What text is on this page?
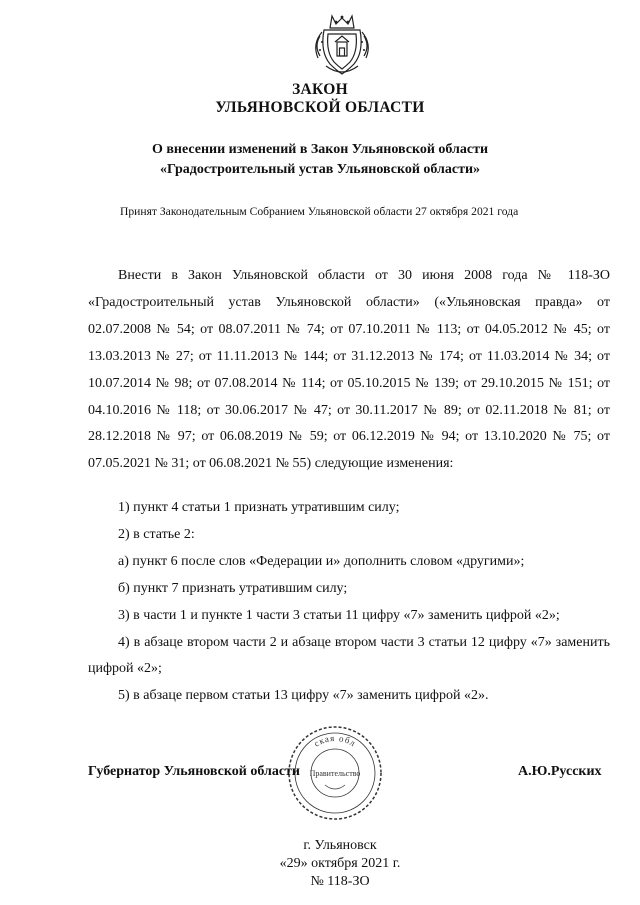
ЗАКОН
УЛЬЯНОВСКОЙ ОБЛАСТИ
О внесении изменений в Закон Ульяновской области
«Градостроительный устав Ульяновской области»
Принят Законодательным Собранием Ульяновской области 27 октября 2021 года

Внести в Закон Ульяновской области от 30 июня 2008 года № 118-ЗО «Градостроительный устав Ульяновской области» («Ульяновская правда» от 02.07.2008 № 54; от 08.07.2011 № 74; от 07.10.2011 № 113; от 04.05.2012 № 45; от 13.03.2013 № 27; от 11.11.2013 № 144; от 31.12.2013 № 174; от 11.03.2014 № 34; от 10.07.2014 № 98; от 07.08.2014 № 114; от 05.10.2015 № 139; от 29.10.2015 № 151; от 04.10.2016 № 118; от 30.06.2017 № 47; от 30.11.2017 № 89; от 02.11.2018 № 81; от 28.12.2018 № 97; от 06.08.2019 № 59; от 06.12.2019 № 94; от 13.10.2020 № 75; от 07.05.2021 № 31; от 06.08.2021 № 55) следующие изменения:

1) пункт 4 статьи 1 признать утратившим силу;
2) в статье 2:
а) пункт 6 после слов «Федерации и» дополнить словом «другими»;
б) пункт 7 признать утратившим силу;
3) в части 1 и пункте 1 части 3 статьи 11 цифру «7» заменить цифрой «2»;
4) в абзаце втором части 2 и абзаце втором части 3 статьи 12 цифру «7» заменить цифрой «2»;
5) в абзаце первом статьи 13 цифру «7» заменить цифрой «2».
ская обл
Правительство
Губернатор Ульяновской области	А.Ю.Русских
г. Ульяновск
«29» октября 2021 г.
№ 118-ЗО
